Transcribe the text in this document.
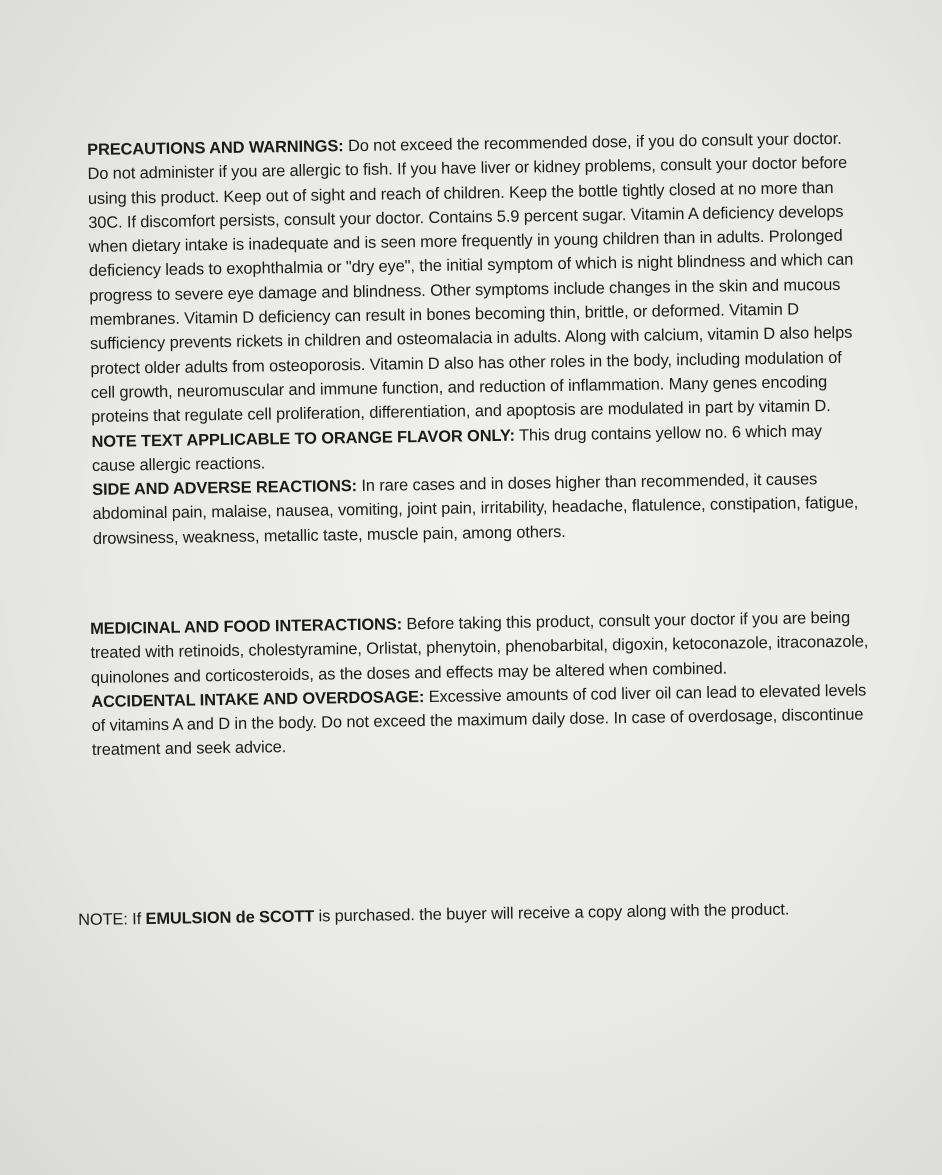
PRECAUTIONS AND WARNINGS: Do not exceed the recommended dose, if you do consult your doctor. Do not administer if you are allergic to fish. If you have liver or kidney problems, consult your doctor before using this product. Keep out of sight and reach of children. Keep the bottle tightly closed at no more than 30C. If discomfort persists, consult your doctor. Contains 5.9 percent sugar. Vitamin A deficiency develops when dietary intake is inadequate and is seen more frequently in young children than in adults. Prolonged deficiency leads to exophthalmia or "dry eye", the initial symptom of which is night blindness and which can progress to severe eye damage and blindness. Other symptoms include changes in the skin and mucous membranes. Vitamin D deficiency can result in bones becoming thin, brittle, or deformed. Vitamin D sufficiency prevents rickets in children and osteomalacia in adults. Along with calcium, vitamin D also helps protect older adults from osteoporosis. Vitamin D also has other roles in the body, including modulation of cell growth, neuromuscular and immune function, and reduction of inflammation. Many genes encoding proteins that regulate cell proliferation, differentiation, and apoptosis are modulated in part by vitamin D.

NOTE TEXT APPLICABLE TO ORANGE FLAVOR ONLY: This drug contains yellow no. 6 which may cause allergic reactions.

SIDE AND ADVERSE REACTIONS: In rare cases and in doses higher than recommended, it causes abdominal pain, malaise, nausea, vomiting, joint pain, irritability, headache, flatulence, constipation, fatigue, drowsiness, weakness, metallic taste, muscle pain, among others.

MEDICINAL AND FOOD INTERACTIONS: Before taking this product, consult your doctor if you are being treated with retinoids, cholestyramine, Orlistat, phenytoin, phenobarbital, digoxin, ketoconazole, itraconazole, quinolones and corticosteroids, as the doses and effects may be altered when combined.

ACCIDENTAL INTAKE AND OVERDOSAGE: Excessive amounts of cod liver oil can lead to elevated levels of vitamins A and D in the body. Do not exceed the maximum daily dose. In case of overdosage, discontinue treatment and seek advice.

NOTE: If EMULSION de SCOTT is purchased. the buyer will receive a copy along with the product.
